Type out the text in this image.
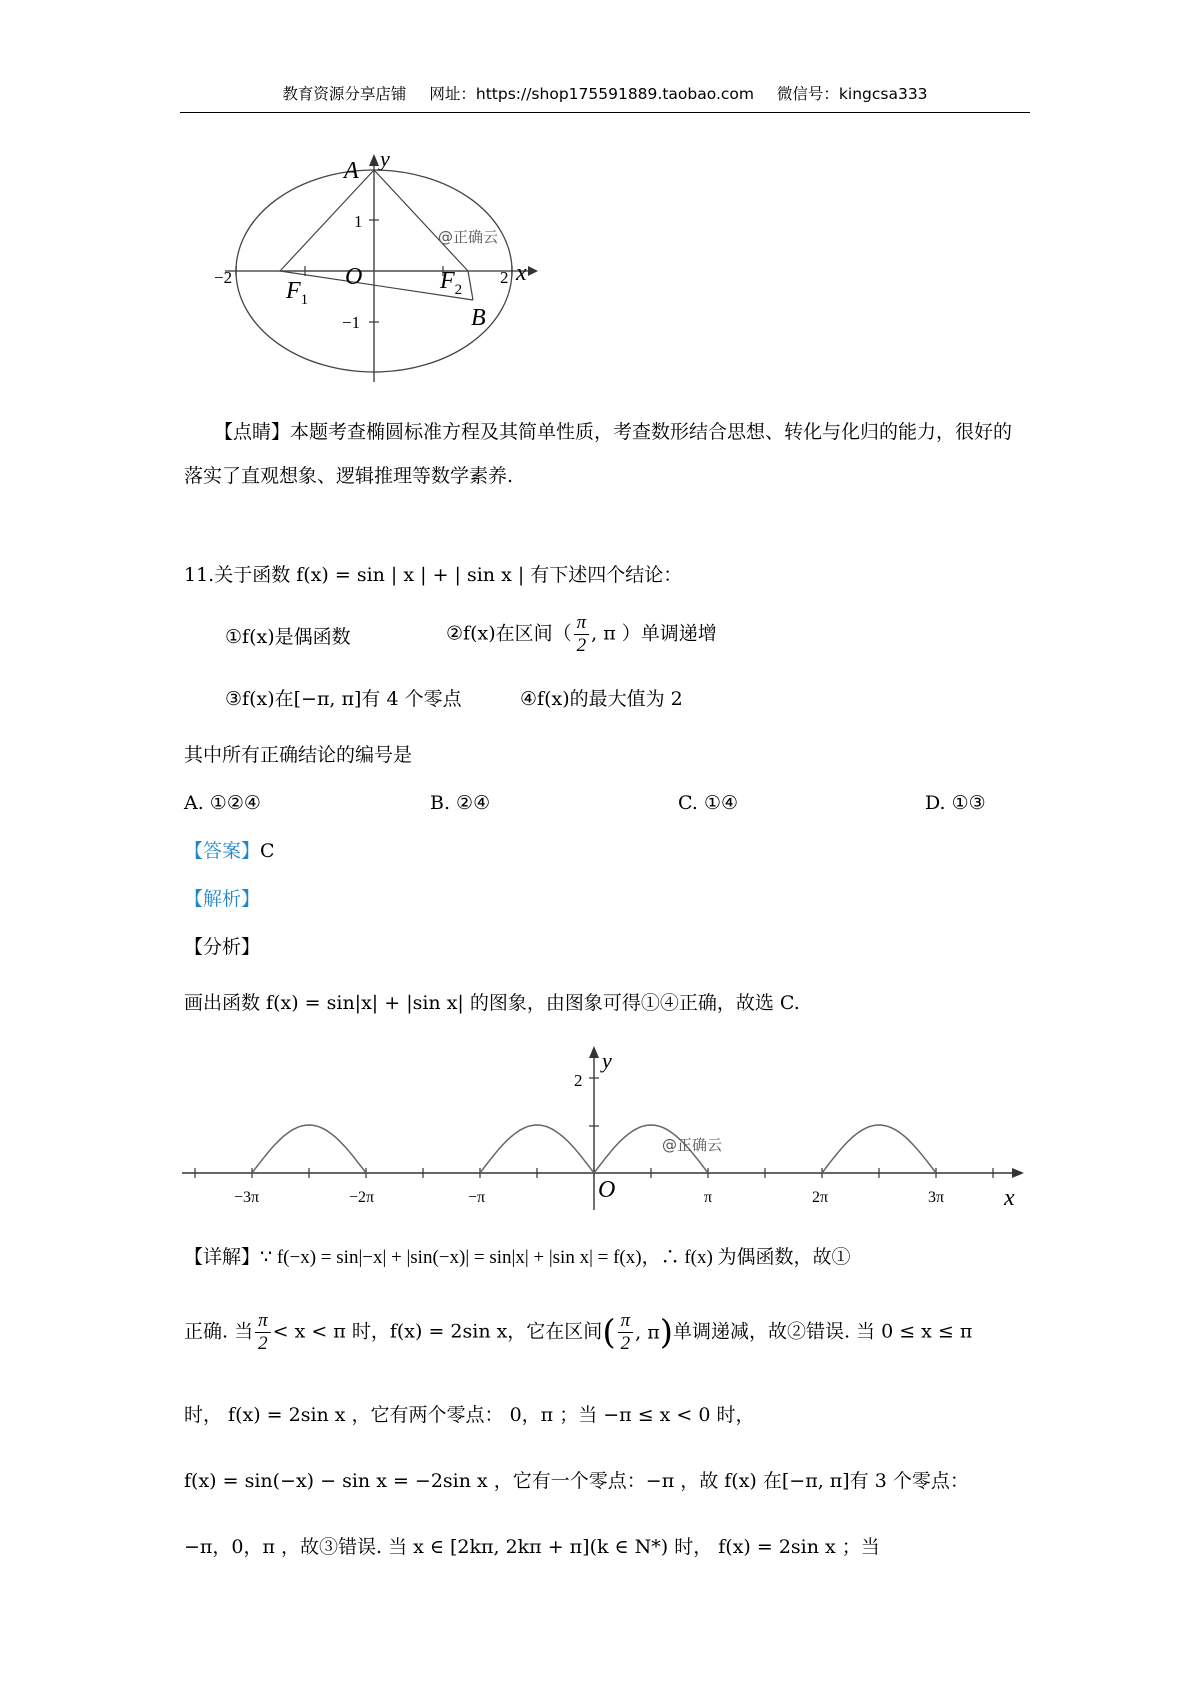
教育资源分享店铺 网址：https://shop175591889.taobao.com 微信号：kingcsa333
A y
1
−1
−2	2 x
$F_1$
O	$F_2$
B
@正确云
【点睛】本题考查椭圆标准方程及其简单性质，考查数形结合思想、转化与化归的能力，很好的落实了直观想象、逻辑推理等数学素养.
11.关于函数 f(x) = sin | x | + | sin x | 有下述四个结论：
①f(x)是偶函数	②f(x)在区间（ $\frac{\pi}{2}$ , π ）单调递增
③f(x)在[−π, π]有 4 个零点	④f(x)的最大值为 2
其中所有正确结论的编号是
A. ①②④	B. ②④	C. ①④	D. ①③
【答案】C
【解析】
【分析】
画出函数 f(x) = sin|x| + |sin x| 的图象，由图象可得①④正确，故选 C.
2
y
x
O
−3π	−2π	−π	π	2π	3π
@正确云
【详解】∵ f(−x) = sin|−x| + |sin(−x)| = sin|x| + |sin x| = f(x)，∴ f(x) 为偶函数，故①
正确. 当 $\frac{\pi}{2} < x < \pi$ 时，f(x) = 2sin x，它在区间( $\frac{\pi}{2}$ , π)单调递减，故②错误. 当 0 ≤ x ≤ π
时， f(x) = 2sin x ，它有两个零点： 0，π ；当 −π ≤ x < 0 时，
f(x) = sin(−x) − sin x = −2sin x ，它有一个零点：−π ，故 f(x) 在[−π, π]有 3 个零点：
−π，0，π ，故③错误. 当 x ∈ [2kπ, 2kπ + π](k ∈ N*) 时， f(x) = 2sin x ；当
